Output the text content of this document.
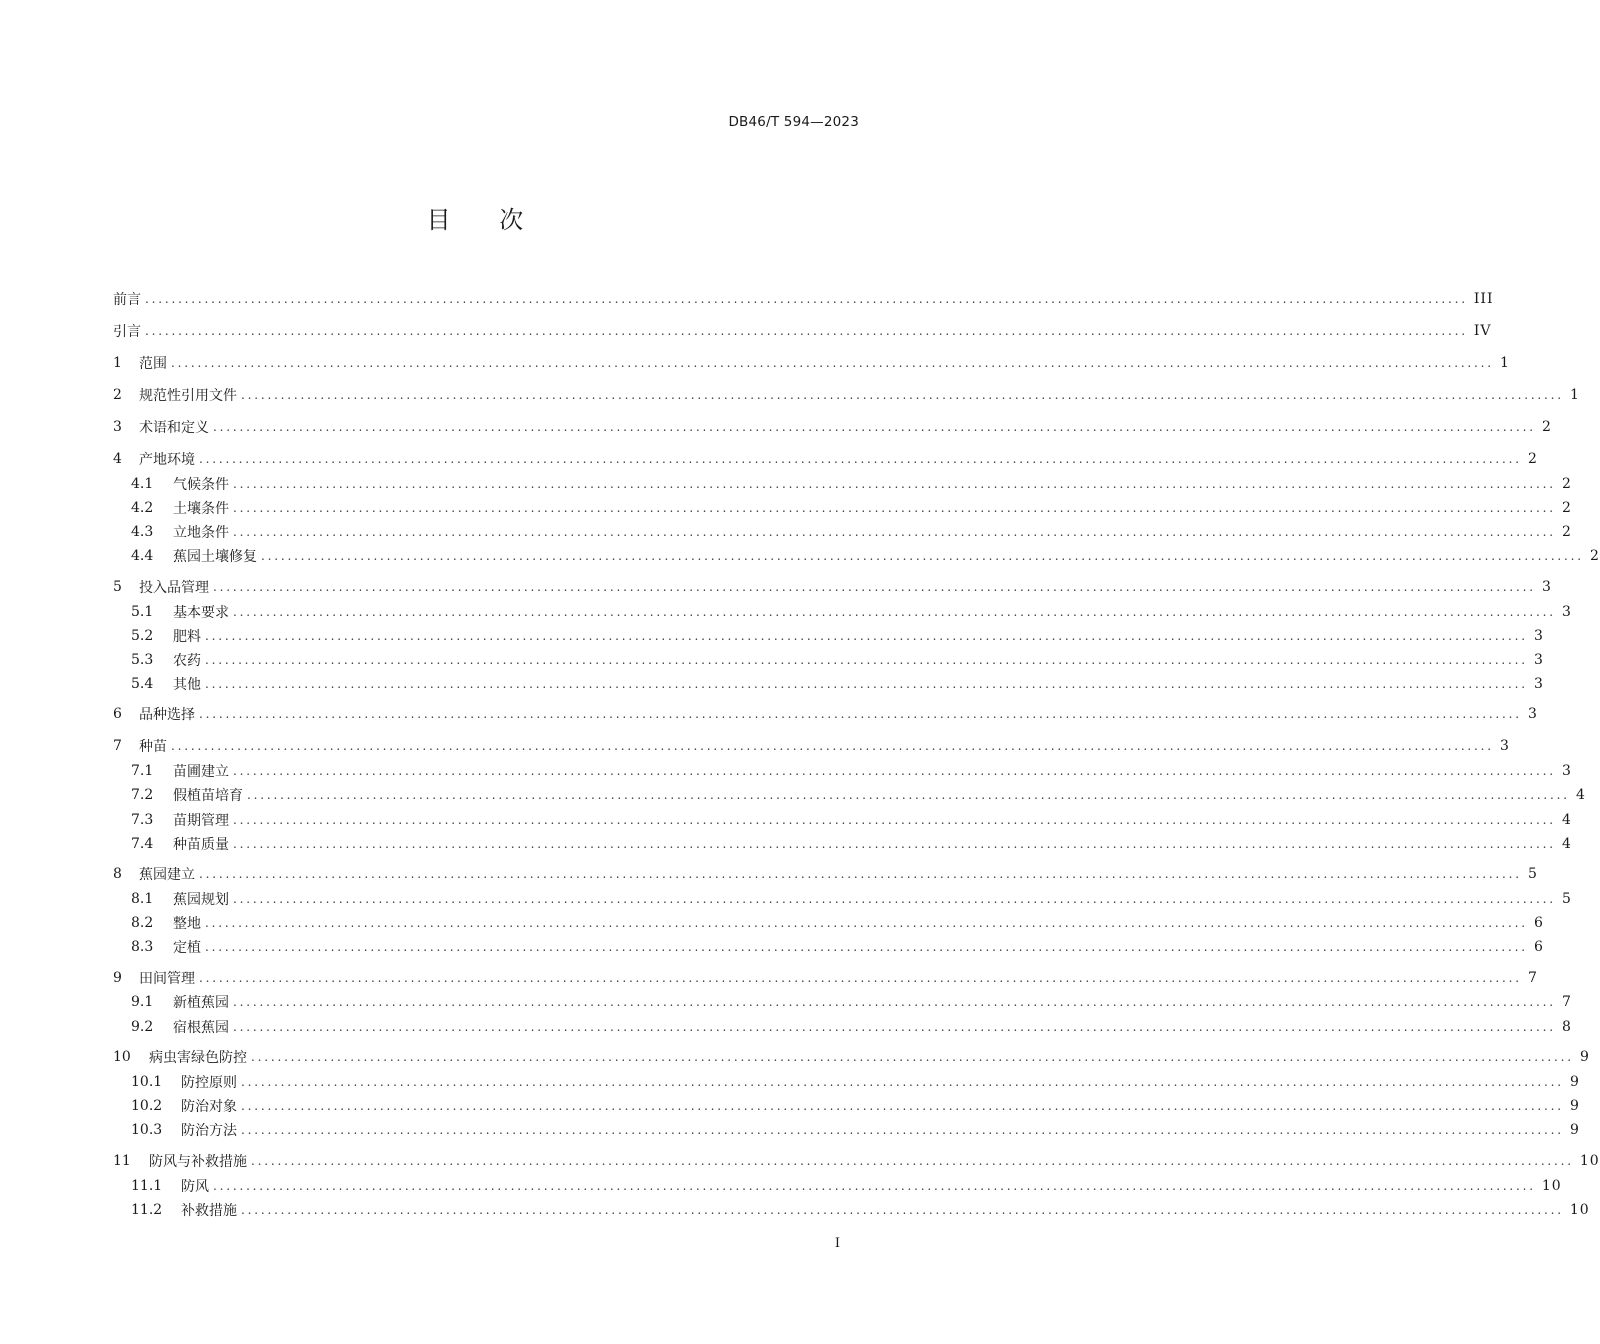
DB46/T 594—2023
目　　次
前言 ........................................................................................................................................................................................................ III
引言 ........................................................................................................................................................................................................ IV
1	范围 ........................................................................................................................................................................................................ 1
2	规范性引用文件 ........................................................................................................................................................................................................ 1
3	术语和定义 ........................................................................................................................................................................................................ 2
4	产地环境 ........................................................................................................................................................................................................ 2
4.1	气候条件 ........................................................................................................................................................................................................ 2
4.2	土壤条件 ........................................................................................................................................................................................................ 2
4.3	立地条件 ........................................................................................................................................................................................................ 2
4.4	蕉园土壤修复 ........................................................................................................................................................................................................ 2
5	投入品管理 ........................................................................................................................................................................................................ 3
5.1	基本要求 ........................................................................................................................................................................................................ 3
5.2	肥料 ........................................................................................................................................................................................................ 3
5.3	农药 ........................................................................................................................................................................................................ 3
5.4	其他 ........................................................................................................................................................................................................ 3
6	品种选择 ........................................................................................................................................................................................................ 3
7	种苗 ........................................................................................................................................................................................................ 3
7.1	苗圃建立 ........................................................................................................................................................................................................ 3
7.2	假植苗培育 ........................................................................................................................................................................................................ 4
7.3	苗期管理 ........................................................................................................................................................................................................ 4
7.4	种苗质量 ........................................................................................................................................................................................................ 4
8	蕉园建立 ........................................................................................................................................................................................................ 5
8.1	蕉园规划 ........................................................................................................................................................................................................ 5
8.2	整地 ........................................................................................................................................................................................................ 6
8.3	定植 ........................................................................................................................................................................................................ 6
9	田间管理 ........................................................................................................................................................................................................ 7
9.1	新植蕉园 ........................................................................................................................................................................................................ 7
9.2	宿根蕉园 ........................................................................................................................................................................................................ 8
10	病虫害绿色防控 ........................................................................................................................................................................................................ 9
10.1	防控原则 ........................................................................................................................................................................................................ 9
10.2	防治对象 ........................................................................................................................................................................................................ 9
10.3	防治方法 ........................................................................................................................................................................................................ 9
11	防风与补救措施 ........................................................................................................................................................................................................ 10
11.1	防风 ........................................................................................................................................................................................................ 10
11.2	补救措施 ........................................................................................................................................................................................................ 10
I
